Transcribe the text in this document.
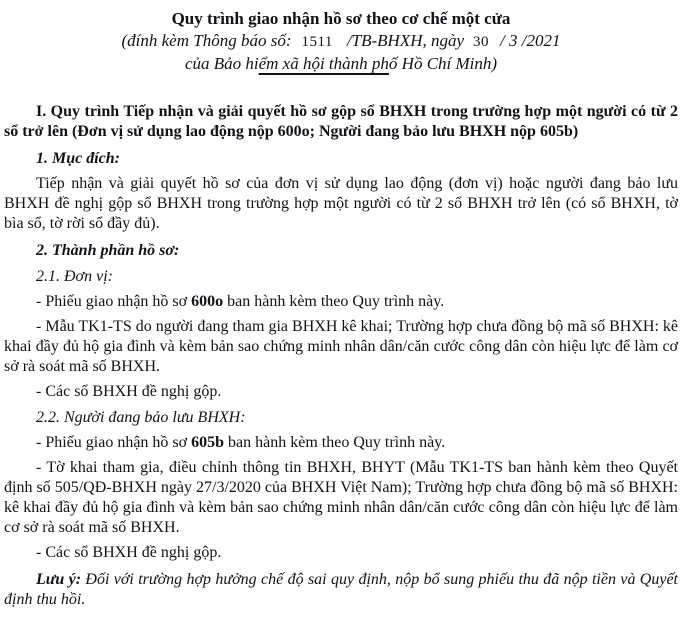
Quy trình giao nhận hồ sơ theo cơ chế một cửa

(đính kèm Thông báo số: 1511 /TB-BHXH, ngày 30 / 3 /2021

của Bảo hiểm xã hội thành phố Hồ Chí Minh)

I. Quy trình Tiếp nhận và giải quyết hồ sơ gộp sổ BHXH trong trường hợp một người có từ 2 sổ trở lên (Đơn vị sử dụng lao động nộp 600o; Người đang bảo lưu BHXH nộp 605b)

1. Mục đích:

Tiếp nhận và giải quyết hồ sơ của đơn vị sử dụng lao động (đơn vị) hoặc người đang bảo lưu BHXH đề nghị gộp sổ BHXH trong trường hợp một người có từ 2 sổ BHXH trở lên (có sổ BHXH, tờ bìa sổ, tờ rời sổ đầy đủ).

2. Thành phần hồ sơ:

2.1. Đơn vị:

- Phiếu giao nhận hồ sơ 600o ban hành kèm theo Quy trình này.

- Mẫu TK1-TS do người đang tham gia BHXH kê khai; Trường hợp chưa đồng bộ mã số BHXH: kê khai đầy đủ hộ gia đình và kèm bản sao chứng minh nhân dân/căn cước công dân còn hiệu lực để làm cơ sở rà soát mã số BHXH.

- Các sổ BHXH đề nghị gộp.

2.2. Người đang bảo lưu BHXH:

- Phiếu giao nhận hồ sơ 605b ban hành kèm theo Quy trình này.

- Tờ khai tham gia, điều chỉnh thông tin BHXH, BHYT (Mẫu TK1-TS ban hành kèm theo Quyết định số 505/QĐ-BHXH ngày 27/3/2020 của BHXH Việt Nam); Trường hợp chưa đồng bộ mã số BHXH: kê khai đầy đủ hộ gia đình và kèm bản sao chứng minh nhân dân/căn cước công dân còn hiệu lực để làm cơ sở rà soát mã số BHXH.

- Các sổ BHXH đề nghị gộp.

Lưu ý: Đối với trường hợp hưởng chế độ sai quy định, nộp bổ sung phiếu thu đã nộp tiền và Quyết định thu hồi.
